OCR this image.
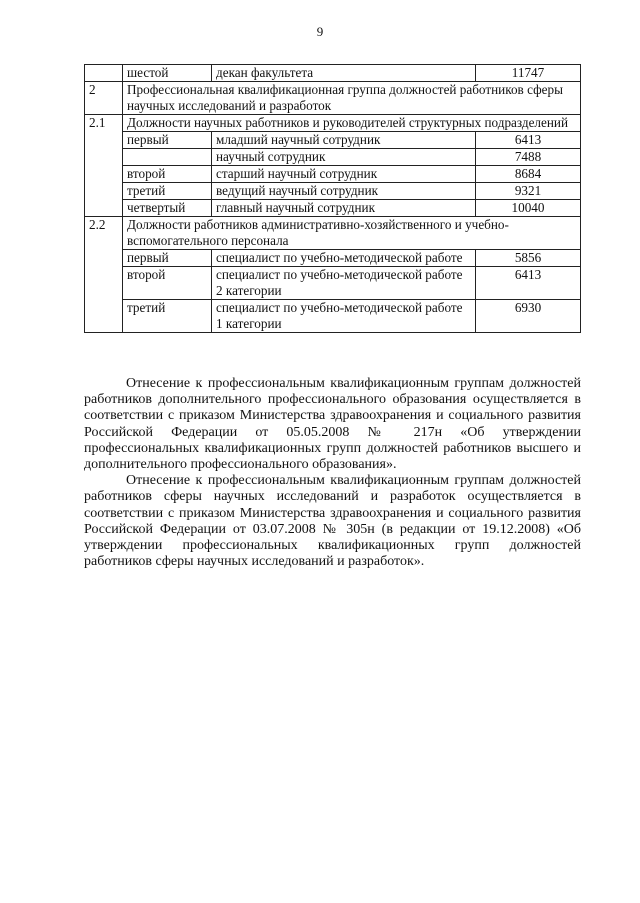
9
	шестой	декан факультета	11747
2	Профессиональная квалификационная группа должностей работников сферы научных исследований и разработок		
2.1	Должности научных работников и руководителей структурных подразделений		
	первый	младший научный сотрудник	6413
		научный сотрудник	7488
	второй	старший научный сотрудник	8684
	третий	ведущий научный сотрудник	9321
	четвертый	главный научный сотрудник	10040
2.2	Должности работников административно-хозяйственного и учебно-вспомогательного персонала		
	первый	специалист по учебно-методической работе	5856
	второй	специалист по учебно-методической работе 2 категории	6413
	третий	специалист по учебно-методической работе 1 категории	6930

Отнесение к профессиональным квалификационным группам должностей работников дополнительного профессионального образования осуществляется в соответствии с приказом Министерства здравоохранения и социального развития Российской Федерации от 05.05.2008 № 217н «Об утверждении профессиональных квалификационных групп должностей работников высшего и дополнительного профессионального образования».

Отнесение к профессиональным квалификационным группам должностей работников сферы научных исследований и разработок осуществляется в соответствии с приказом Министерства здравоохранения и социального развития Российской Федерации от 03.07.2008 № 305н (в редакции от 19.12.2008) «Об утверждении профессиональных квалификационных групп должностей работников сферы научных исследований и разработок».
